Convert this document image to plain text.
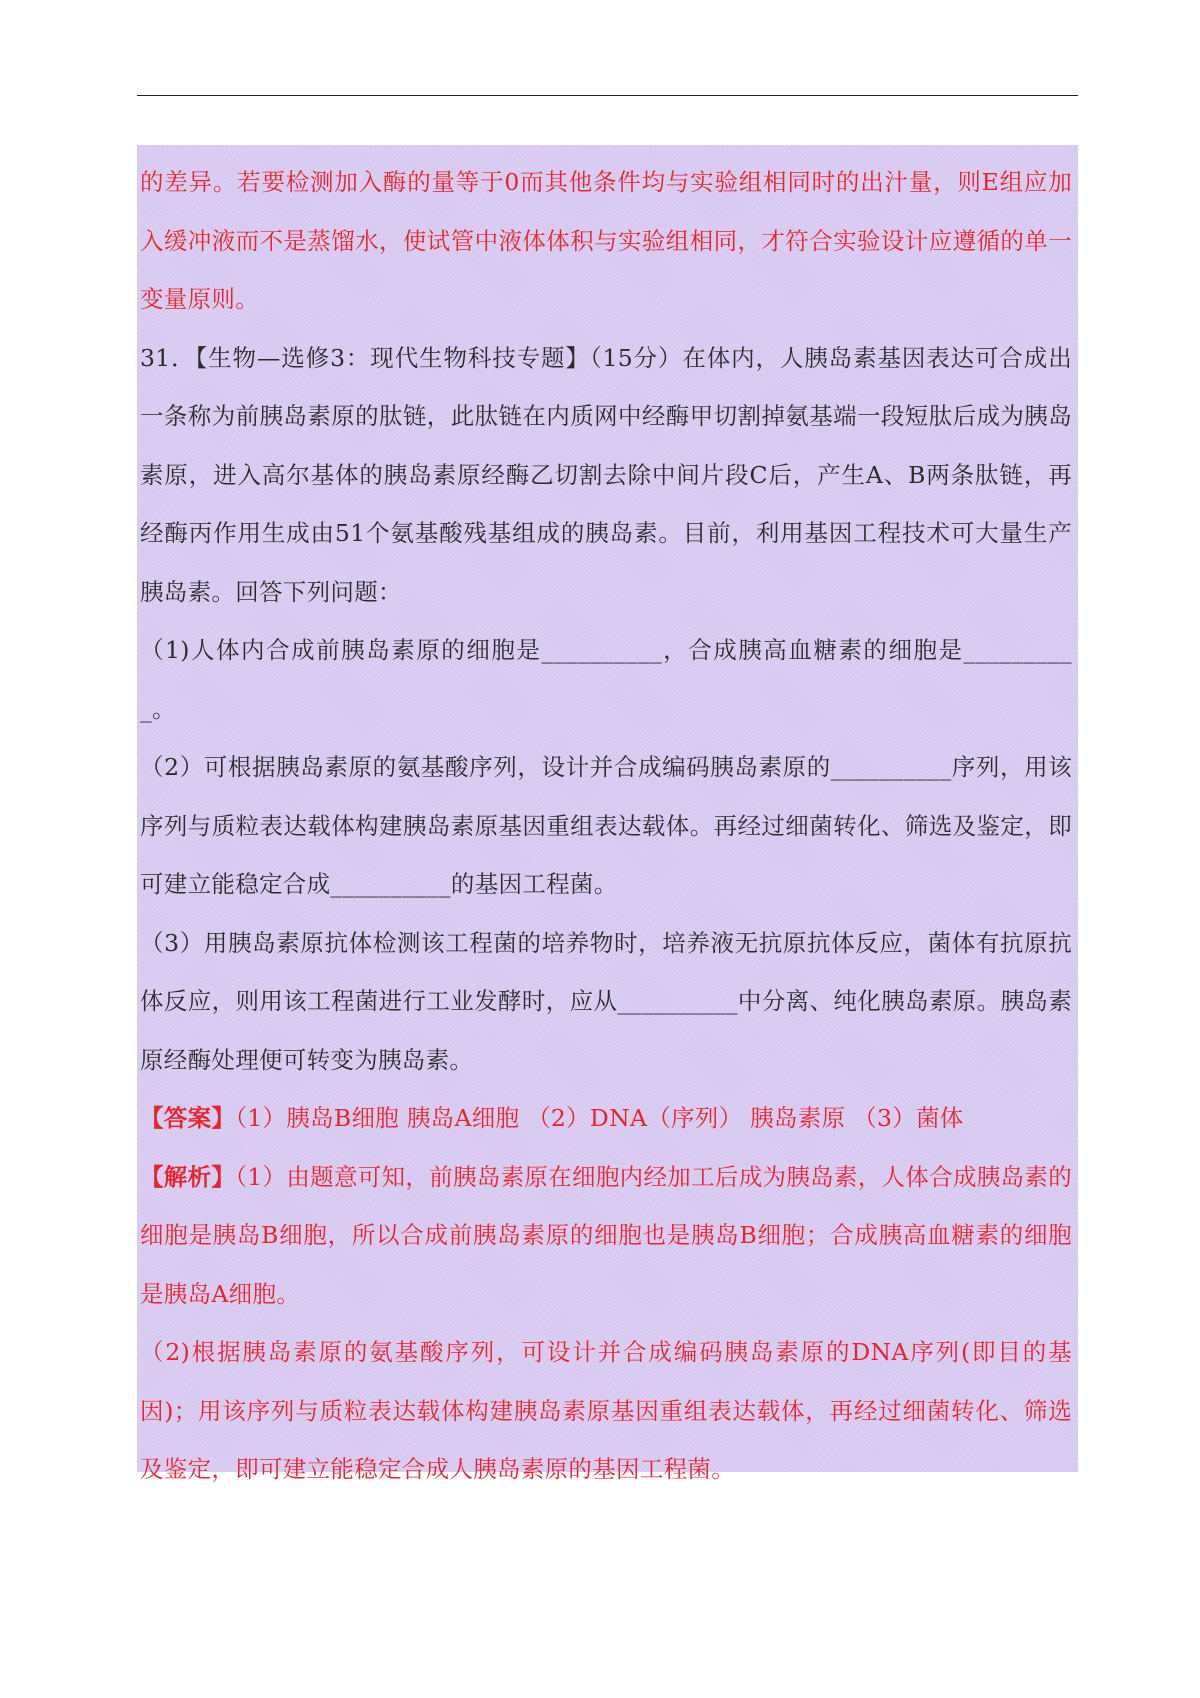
的差异。若要检测加入酶的量等于0而其他条件均与实验组相同时的出汁量，则E组应加入缓冲液而不是蒸馏水，使试管中液体体积与实验组相同，才符合实验设计应遵循的单一变量原则。

31．【生物—选修3：现代生物科技专题】（15分）在体内，人胰岛素基因表达可合成出一条称为前胰岛素原的肽链，此肽链在内质网中经酶甲切割掉氨基端一段短肽后成为胰岛素原，进入高尔基体的胰岛素原经酶乙切割去除中间片段C后，产生A、B两条肽链，再经酶丙作用生成由51个氨基酸残基组成的胰岛素。目前，利用基因工程技术可大量生产胰岛素。回答下列问题：

（1)人体内合成前胰岛素原的细胞是__________，合成胰高血糖素的细胞是__________。

（2）可根据胰岛素原的氨基酸序列，设计并合成编码胰岛素原的__________序列，用该序列与质粒表达载体构建胰岛素原基因重组表达载体。再经过细菌转化、筛选及鉴定，即可建立能稳定合成__________的基因工程菌。

（3）用胰岛素原抗体检测该工程菌的培养物时，培养液无抗原抗体反应，菌体有抗原抗体反应，则用该工程菌进行工业发酵时，应从__________中分离、纯化胰岛素原。胰岛素原经酶处理便可转变为胰岛素。

【答案】（1）胰岛B细胞 胰岛A细胞 （2）DNA（序列） 胰岛素原 （3）菌体

【解析】（1）由题意可知，前胰岛素原在细胞内经加工后成为胰岛素，人体合成胰岛素的细胞是胰岛B细胞，所以合成前胰岛素原的细胞也是胰岛B细胞；合成胰高血糖素的细胞是胰岛A细胞。

（2)根据胰岛素原的氨基酸序列，可设计并合成编码胰岛素原的DNA序列(即目的基因)；用该序列与质粒表达载体构建胰岛素原基因重组表达载体，再经过细菌转化、筛选及鉴定，即可建立能稳定合成人胰岛素原的基因工程菌。
